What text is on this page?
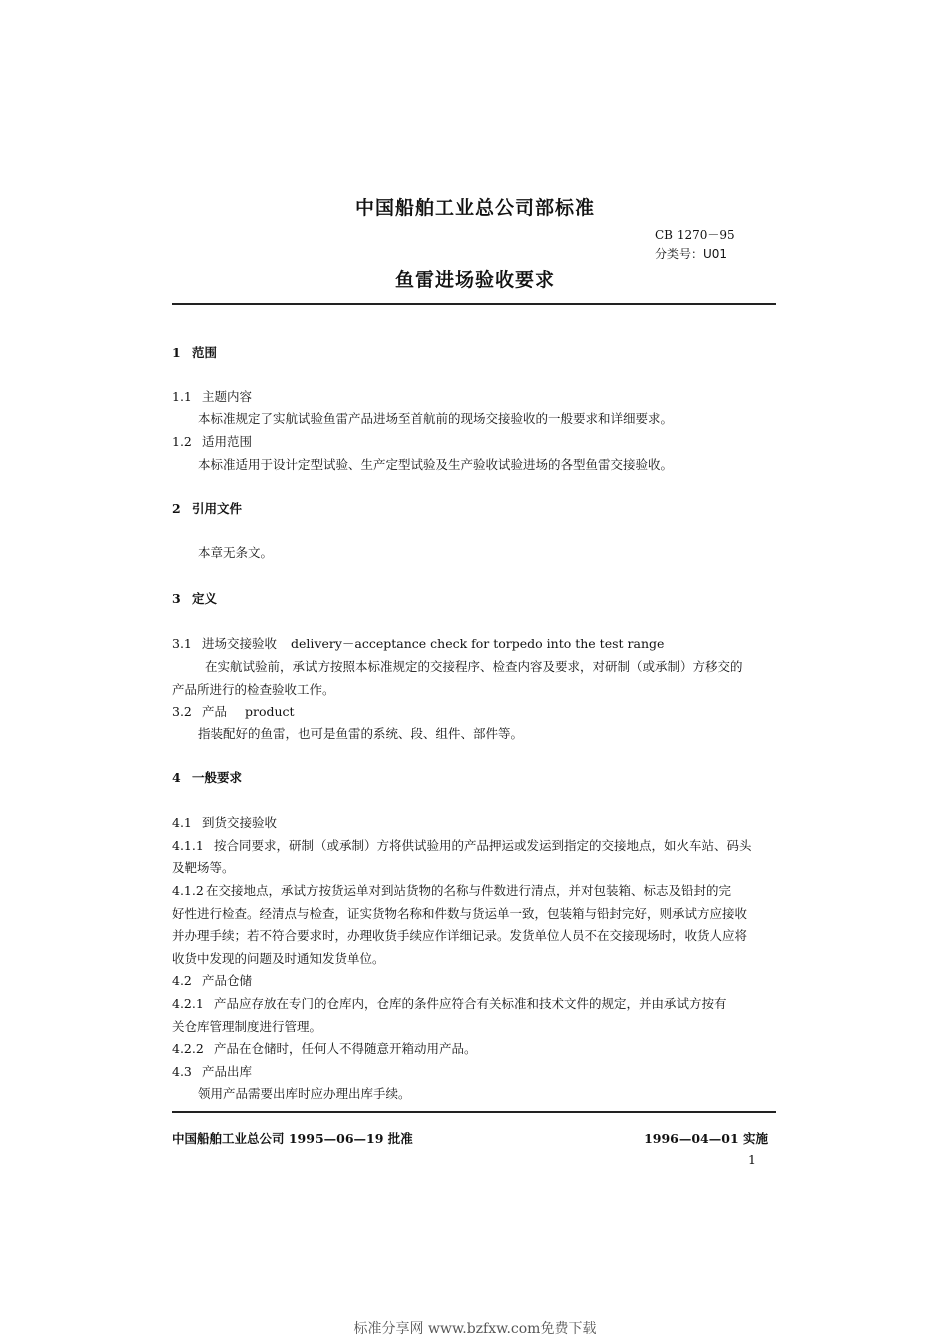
中国船舶工业总公司部标准
CB 1270－95
分类号：U01
鱼雷进场验收要求
1 范围
1.1 主题内容
本标准规定了实航试验鱼雷产品进场至首航前的现场交接验收的一般要求和详细要求。
1.2 适用范围
本标准适用于设计定型试验、生产定型试验及生产验收试验进场的各型鱼雷交接验收。
2 引用文件
本章无条文。
3 定义
3.1 进场交接验收 delivery－acceptance check for torpedo into the test range
在实航试验前，承试方按照本标准规定的交接程序、检查内容及要求，对研制（或承制）方移交的
产品所进行的检查验收工作。
3.2 产品 product
指装配好的鱼雷，也可是鱼雷的系统、段、组件、部件等。
4 一般要求
4.1 到货交接验收
4.1.1 按合同要求，研制（或承制）方将供试验用的产品押运或发运到指定的交接地点，如火车站、码头
及靶场等。
4.1.2 在交接地点，承试方按货运单对到站货物的名称与件数进行清点，并对包装箱、标志及铅封的完
好性进行检查。经清点与检查，证实货物名称和件数与货运单一致，包装箱与铅封完好，则承试方应接收
并办理手续；若不符合要求时，办理收货手续应作详细记录。发货单位人员不在交接现场时，收货人应将
收货中发现的问题及时通知发货单位。
4.2 产品仓储
4.2.1 产品应存放在专门的仓库内，仓库的条件应符合有关标准和技术文件的规定，并由承试方按有
关仓库管理制度进行管理。
4.2.2 产品在仓储时，任何人不得随意开箱动用产品。
4.3 产品出库
领用产品需要出库时应办理出库手续。
中国船舶工业总公司 1995—06—19 批准	1996—04—01 实施
1
标准分享网 www.bzfxw.com免费下载
